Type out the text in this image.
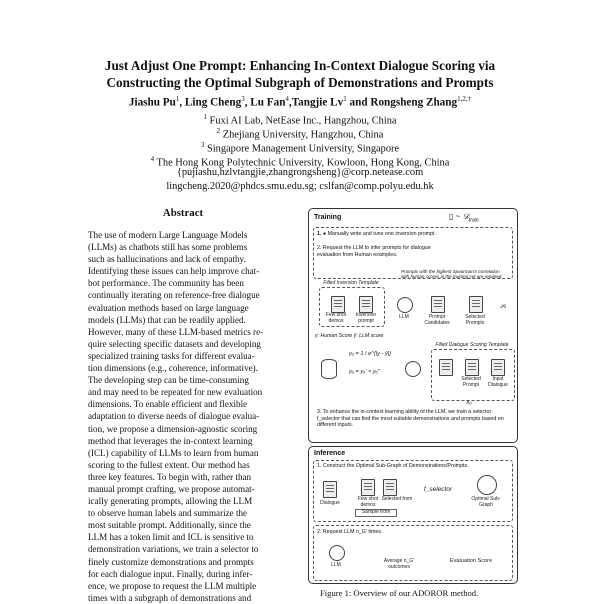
Just Adjust One Prompt: Enhancing In-Context Dialogue Scoring via
Constructing the Optimal Subgraph of Demonstrations and Prompts
Jiashu Pu$^1$, Ling Cheng$^3$, Lu Fan$^4$,Tangjie Lv$^1$ and Rongsheng Zhang$^{1,2,\dagger}$
$^1$ Fuxi AI Lab, NetEase Inc., Hangzhou, China
$^2$ Zhejiang University, Hangzhou, China
$^3$ Singapore Management University, Singapore
$^4$ The Hong Kong Polytechnic University, Kowloon, Hong Kong, China
{pujiashu,hzlvtangjie,zhangrongsheng}@corp.netease.com
lingcheng.2020@phdcs.smu.edu.sg; cslfan@comp.polyu.edu.hk
Abstract

The use of modern Large Language Models

(LLMs) as chatbots still has some problems

such as hallucinations and lack of empathy.

Identifying these issues can help improve chat-

bot performance. The community has been

continually iterating on reference-free dialogue

evaluation methods based on large language

models (LLMs) that can be readily applied.

However, many of these LLM-based metrics re-

quire selecting specific datasets and developing

specialized training tasks for different evalua-

tion dimensions (e.g., coherence, informative).

The developing step can be time-consuming

and may need to be repeated for new evaluation

dimensions. To enable efficient and flexible

adaptation to diverse needs of dialogue evalua-

tion, we propose a dimension-agnostic scoring

method that leverages the in-context learning

(ICL) capability of LLMs to learn from human

scoring to the fullest extent. Our method has

three key features. To begin with, rather than

manual prompt crafting, we propose automat-

ically generating prompts, allowing the LLM

to observe human labels and summarize the

most suitable prompt. Additionally, since the

LLM has a token limit and ICL is sensitive to

demonstration variations, we train a selector to

finely customize demonstrations and prompts

for each dialogue input. Finally, during infer-

ence, we propose to request the LLM multiple

times with a subgraph of demonstrations and

Training	▯ ~ 𝒟$_{train}$
1. ● Manually write and tune one inversion prompt.
2. Request the LLM to infer prompts for dialogue evaluation from Human examples.
Prompts with the highest Spearman's correlation with human scores in the training set are retained.
Filled Inversion Template
Few shot demos
Inversion prompt
LLM	Prompt Candidates
Selected Prompts
𝒫ₛ
y: Human Score ŷ: LLM score
yₒ = 1 / e^{|y - ŷ|}
yₒ = yₒ' × yₒ''
Filled Dialogue Scoring Template
Selected Prompt
Input Dialogue
xₒ
3. To enhance the in-context learning ability of the LLM, we train a selector f_selector that can find the most suitable demonstrations and prompts based on different inputs.
Inference
1. Construct the Optimal Sub-Graph of Demonstrations/Prompts.
Dialogue
Few shot demos
Selected from
Sample from
f_selector
Optimal Sub-Graph
2. Request LLM n_G' times.
LLM
Average n_G' outcomes
Evaluation Score
Figure 1: Overview of our ADOROR method.
